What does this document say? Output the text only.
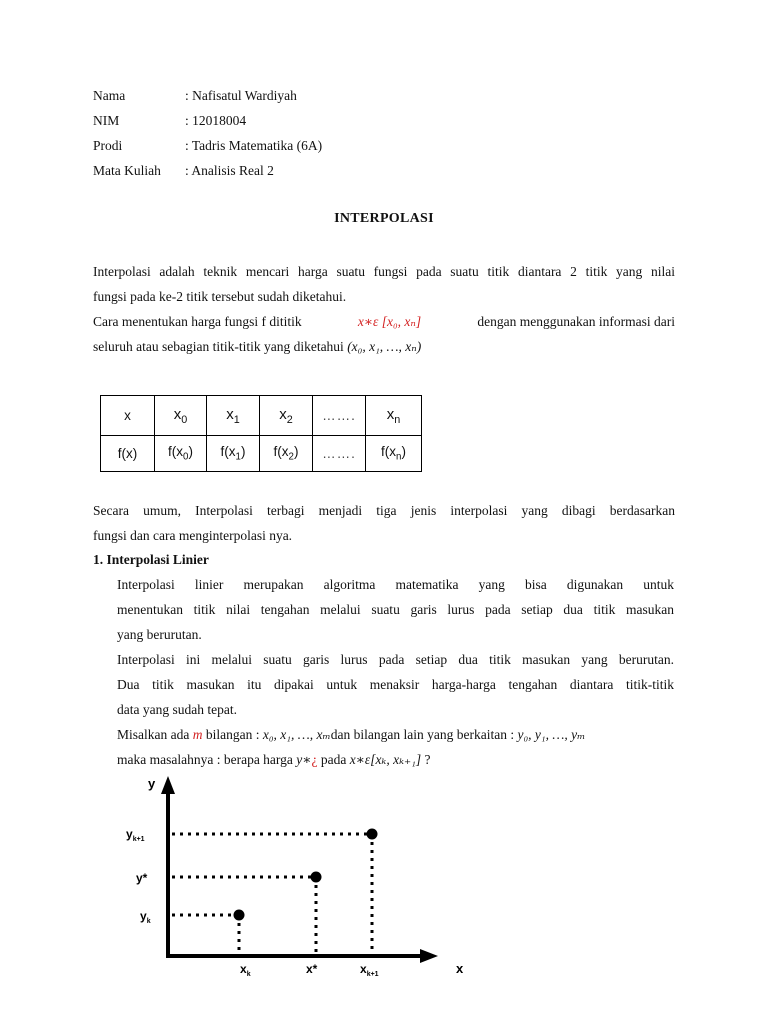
Nama	: Nafisatul Wardiyah
NIM	: 12018004
Prodi	: Tadris Matematika (6A)
Mata Kuliah : Analisis Real 2
INTERPOLASI
Interpolasi adalah teknik mencari harga suatu fungsi pada suatu titik diantara 2 titik yang nilai
fungsi pada ke-2 titik tersebut sudah diketahui.
Cara menentukan harga fungsi f dititik	x∗ε [x₀, xₙ]	dengan menggunakan informasi dari
seluruh atau sebagian titik-titik yang diketahui (x₀, x₁, …, xₙ)
x	$x_0$	$x_1$	$x_2$	…….	$x_n$
f(x)	$f(x_0)$	$f(x_1)$	$f(x_2)$	…….	$f(x_n)$
Secara umum, Interpolasi terbagi menjadi tiga jenis interpolasi yang dibagi berdasarkan
fungsi dan cara menginterpolasi nya.
1. Interpolasi Linier
Interpolasi linier merupakan algoritma matematika yang bisa digunakan untuk
menentukan titik nilai tengahan melalui suatu garis lurus pada setiap dua titik masukan
yang berurutan.
Interpolasi ini melalui suatu garis lurus pada setiap dua titik masukan yang berurutan.
Dua titik masukan itu dipakai untuk menaksir harga-harga tengahan diantara titik-titik
data yang sudah tepat.
Misalkan ada m bilangan : x₀, x₁, …, xₘdan bilangan lain yang berkaitan : y₀, y₁, …, yₘ
maka masalahnya : berapa harga y∗¿ pada x∗ε[xₖ, xₖ₊₁] ?
y
x
$y_{k+1}$
y*
$y_k$
$x_k$	x*	$x_{k+1}$
